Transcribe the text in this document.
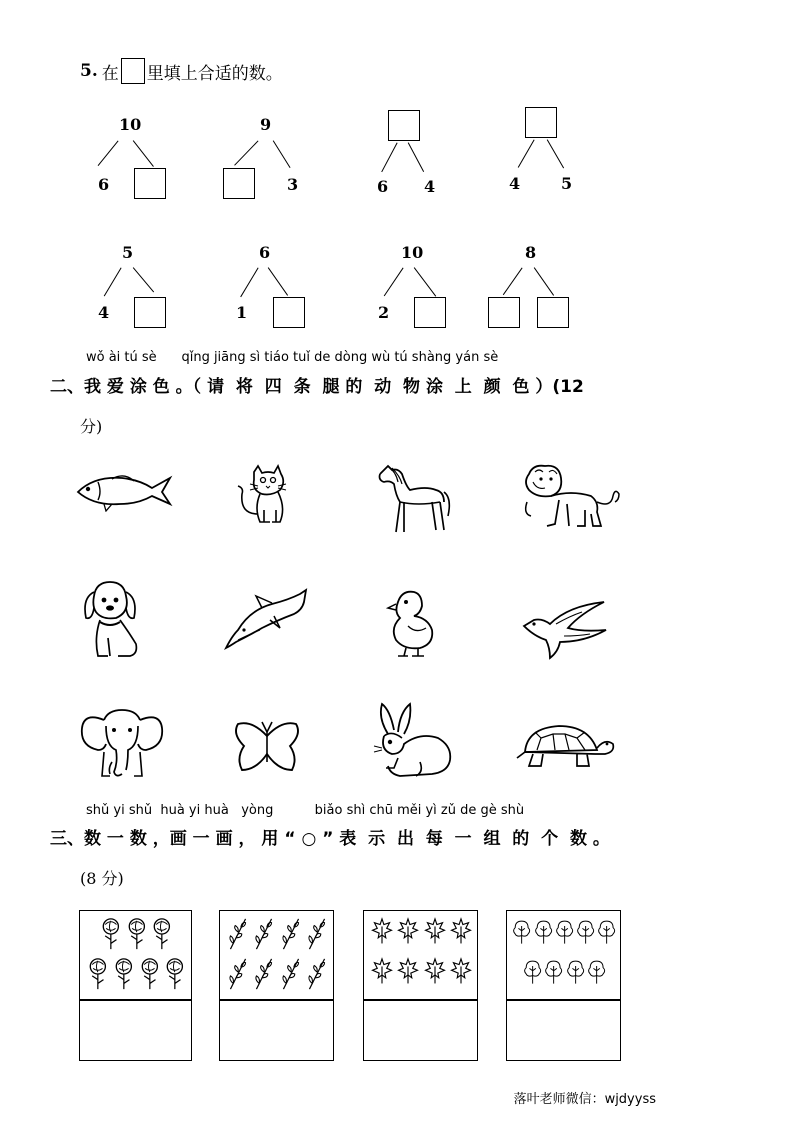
5. 在 里填上合适的数。
10
6
9
3	6 4	4	5
5
4
6
1
10
2
8
wǒ ài tú sè      qǐng jiāng sì tiáo tuǐ de dòng wù tú shàng yán sè
二、我 爱 涂 色 。（ 请  将  四  条  腿 的  动  物 涂  上  颜  色 ）(12
分)
shǔ yi shǔ  huà yi huà   yòng          biǎo shì chū měi yì zǔ de gè shù
三、数 一 数 ，画 一 画 ， 用 “ ○ ” 表  示  出  每  一  组  的  个  数 。
(8 分)
落叶老师微信：wjdyyss
